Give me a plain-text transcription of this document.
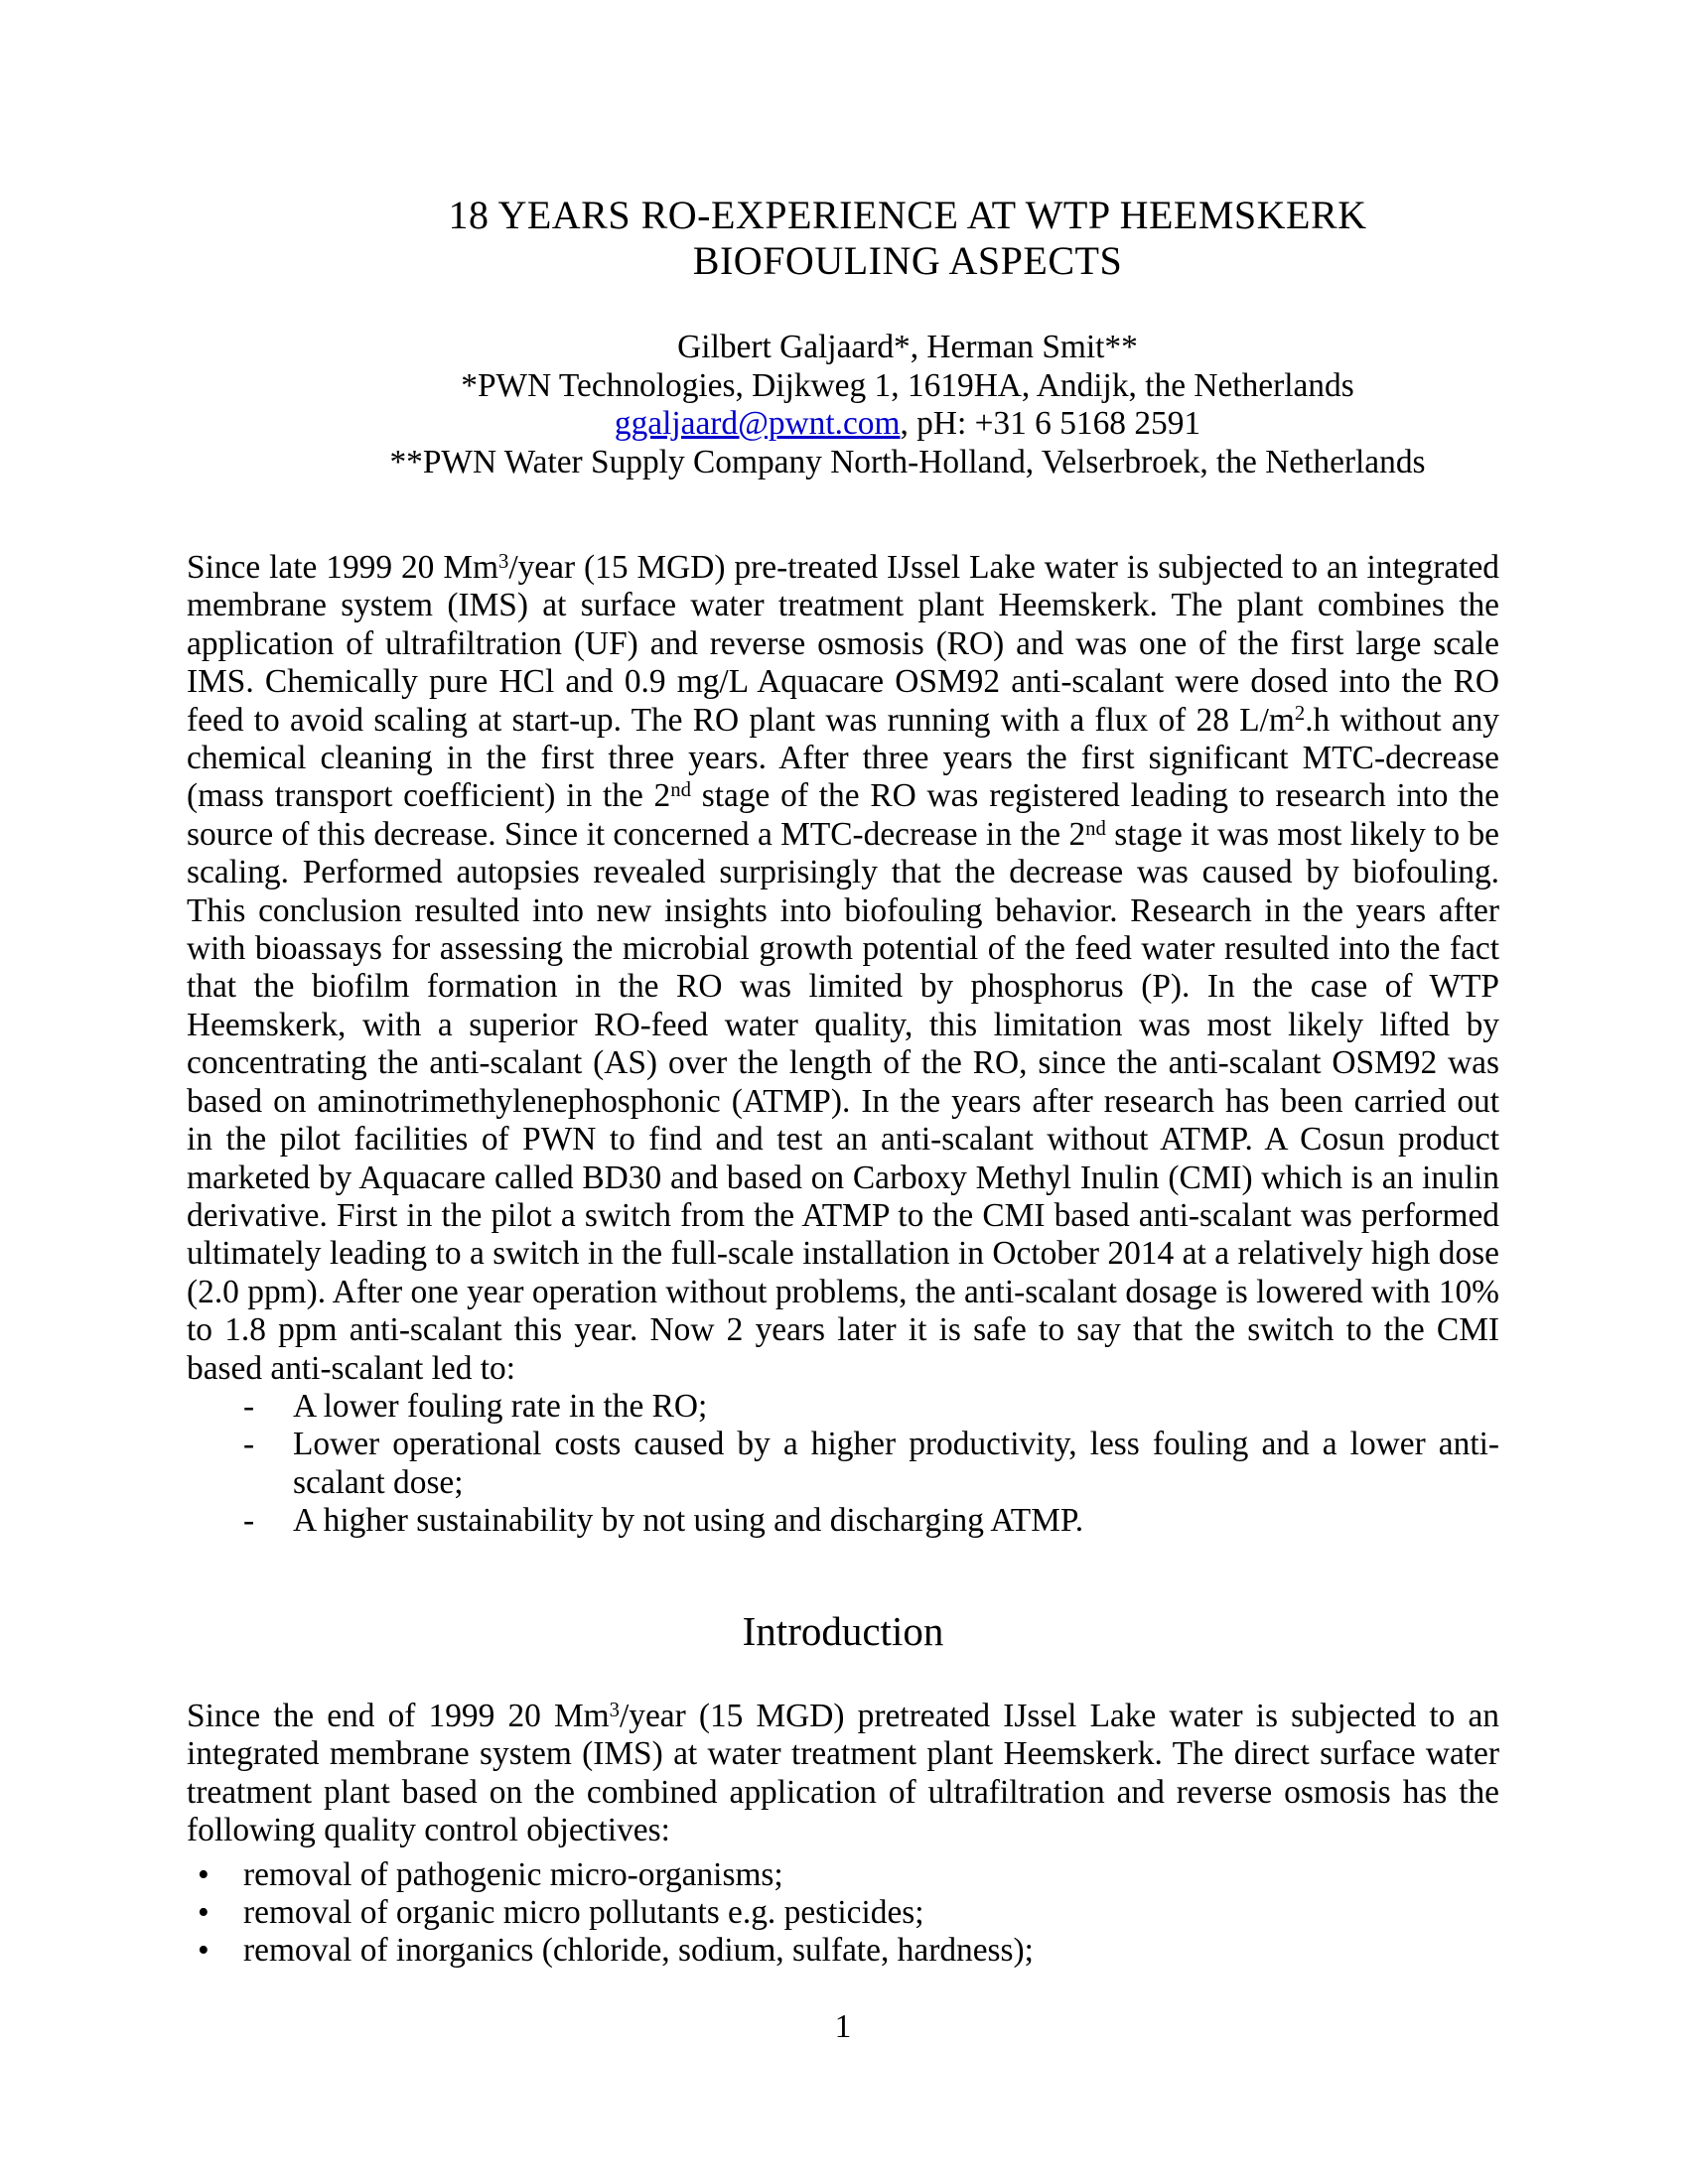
18 YEARS RO-EXPERIENCE AT WTP HEEMSKERK
BIOFOULING ASPECTS
Gilbert Galjaard*, Herman Smit**
*PWN Technologies, Dijkweg 1, 1619HA, Andijk, the Netherlands
ggaljaard@pwnt.com, pH: +31 6 5168 2591
**PWN Water Supply Company North-Holland, Velserbroek, the Netherlands

Since late 1999 20 Mm$^3$/year (15 MGD) pre-treated IJssel Lake water is subjected to an integrated membrane system (IMS) at surface water treatment plant Heemskerk. The plant combines the application of ultrafiltration (UF) and reverse osmosis (RO) and was one of the first large scale IMS. Chemically pure HCl and 0.9 mg/L Aquacare OSM92 anti-scalant were dosed into the RO feed to avoid scaling at start-up. The RO plant was running with a flux of 28 $L/m^2.h$ without any chemical cleaning in the first three years. After three years the first significant MTC-decrease (mass transport coefficient) in the 2nd stage of the RO was registered leading to research into the source of this decrease. Since it concerned a MTC-decrease in the 2nd stage it was most likely to be scaling. Performed autopsies revealed surprisingly that the decrease was caused by biofouling. This conclusion resulted into new insights into biofouling behavior. Research in the years after with bioassays for assessing the microbial growth potential of the feed water resulted into the fact that the biofilm formation in the RO was limited by phosphorus (P). In the case of WTP Heemskerk, with a superior RO-feed water quality, this limitation was most likely lifted by concentrating the anti-scalant (AS) over the length of the RO, since the anti-scalant OSM92 was based on aminotrimethylenephosphonic (ATMP). In the years after research has been carried out in the pilot facilities of PWN to find and test an anti-scalant without ATMP. A Cosun product marketed by Aquacare called BD30 and based on Carboxy Methyl Inulin (CMI) which is an inulin derivative. First in the pilot a switch from the ATMP to the CMI based anti-scalant was performed ultimately leading to a switch in the full-scale installation in October 2014 at a relatively high dose (2.0 ppm). After one year operation without problems, the anti-scalant dosage is lowered with 10% to 1.8 ppm anti-scalant this year. Now 2 years later it is safe to say that the switch to the CMI based anti-scalant led to:

- A lower fouling rate in the RO;
- Lower operational costs caused by a higher productivity, less fouling and a lower anti-scalant dose;
- A higher sustainability by not using and discharging ATMP.
Introduction

Since the end of 1999 20 Mm$^3$/year (15 MGD) pretreated IJssel Lake water is subjected to an integrated membrane system (IMS) at water treatment plant Heemskerk. The direct surface water treatment plant based on the combined application of ultrafiltration and reverse osmosis has the following quality control objectives:

• removal of pathogenic micro-organisms;
• removal of organic micro pollutants e.g. pesticides;
• removal of inorganics (chloride, sodium, sulfate, hardness);
1
